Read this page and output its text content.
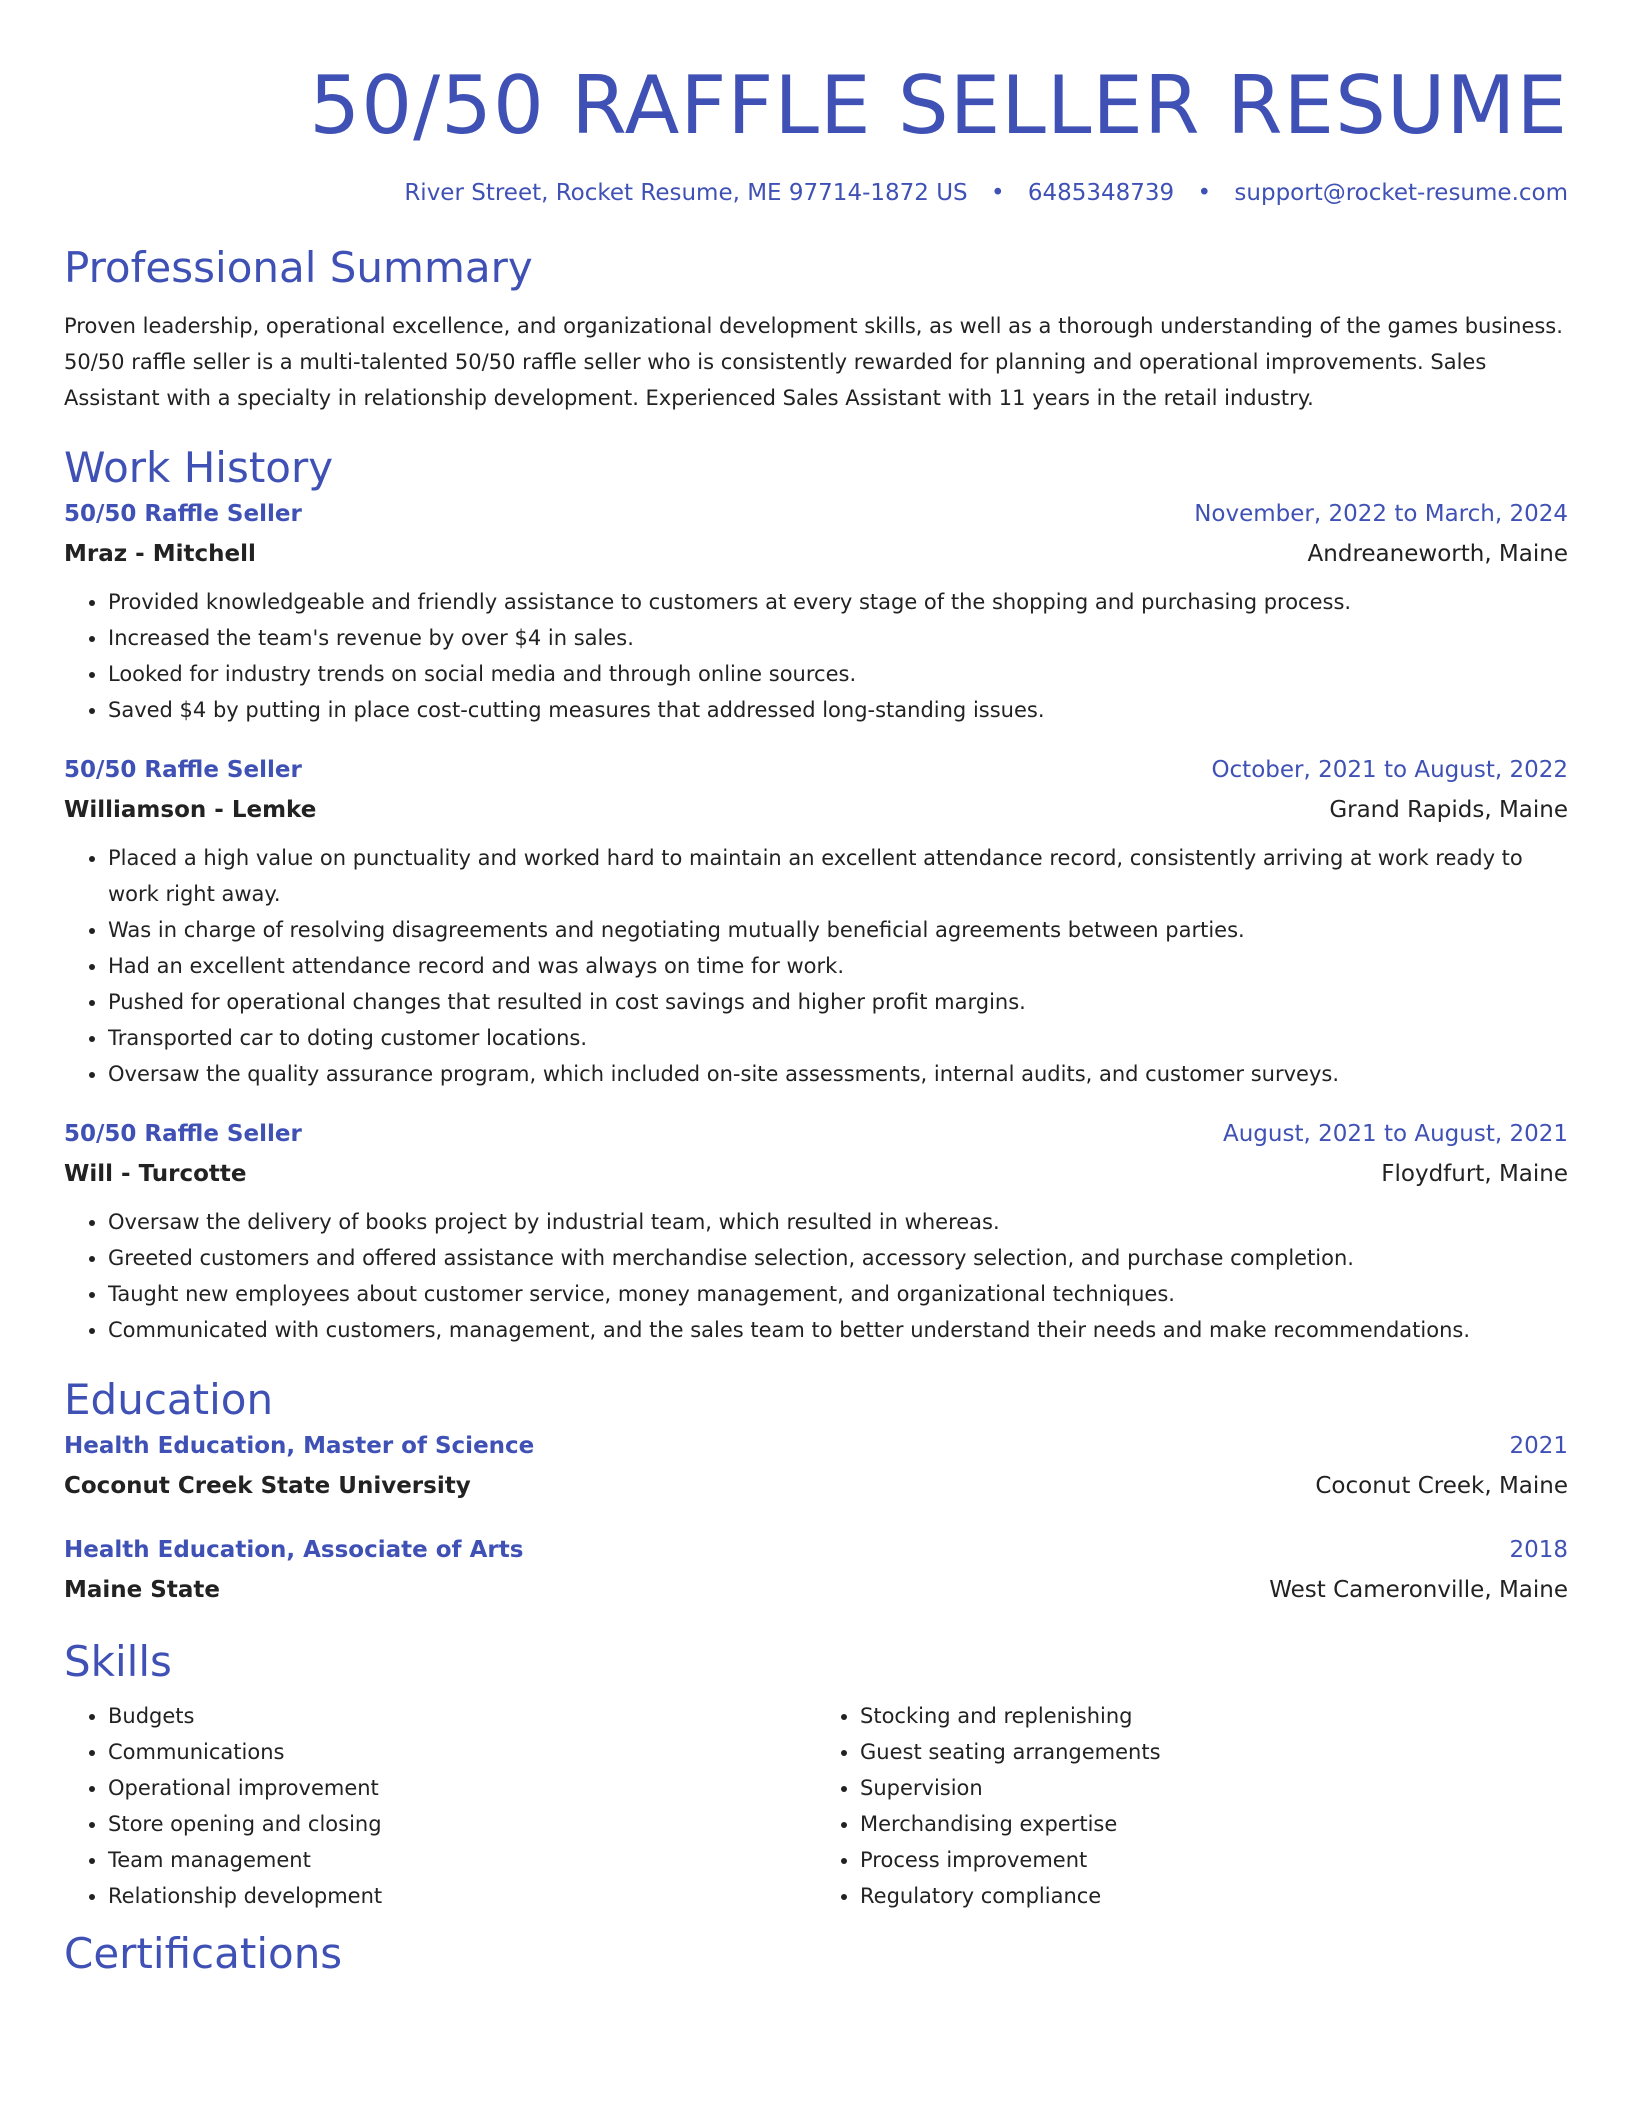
50/50 RAFFLE SELLER RESUME
River Street, Rocket Resume, ME 97714-1872 US • 6485348739 • support@rocket-resume.com
Professional Summary
Proven leadership, operational excellence, and organizational development skills, as well as a thorough understanding of the games business. 50/50 raffle seller is a multi-talented 50/50 raffle seller who is consistently rewarded for planning and operational improvements. Sales Assistant with a specialty in relationship development. Experienced Sales Assistant with 11 years in the retail industry.
Work History
50/50 Raffle Seller	November, 2022 to March, 2024
Mraz - Mitchell	Andreaneworth, Maine
• Provided knowledgeable and friendly assistance to customers at every stage of the shopping and purchasing process.
• Increased the team's revenue by over $4 in sales.
• Looked for industry trends on social media and through online sources.
• Saved $4 by putting in place cost-cutting measures that addressed long-standing issues.
50/50 Raffle Seller	October, 2021 to August, 2022
Williamson - Lemke	Grand Rapids, Maine
• Placed a high value on punctuality and worked hard to maintain an excellent attendance record, consistently arriving at work ready to work right away.
• Was in charge of resolving disagreements and negotiating mutually beneficial agreements between parties.
• Had an excellent attendance record and was always on time for work.
• Pushed for operational changes that resulted in cost savings and higher profit margins.
• Transported car to doting customer locations.
• Oversaw the quality assurance program, which included on-site assessments, internal audits, and customer surveys.
50/50 Raffle Seller	August, 2021 to August, 2021
Will - Turcotte	Floydfurt, Maine
• Oversaw the delivery of books project by industrial team, which resulted in whereas.
• Greeted customers and offered assistance with merchandise selection, accessory selection, and purchase completion.
• Taught new employees about customer service, money management, and organizational techniques.
• Communicated with customers, management, and the sales team to better understand their needs and make recommendations.
Education
Health Education, Master of Science	2021
Coconut Creek State University	Coconut Creek, Maine
Health Education, Associate of Arts	2018
Maine State	West Cameronville, Maine
Skills
• Budgets
• Communications
• Operational improvement
• Store opening and closing
• Team management
• Relationship development
• Stocking and replenishing
• Guest seating arrangements
• Supervision
• Merchandising expertise
• Process improvement
• Regulatory compliance
Certifications
